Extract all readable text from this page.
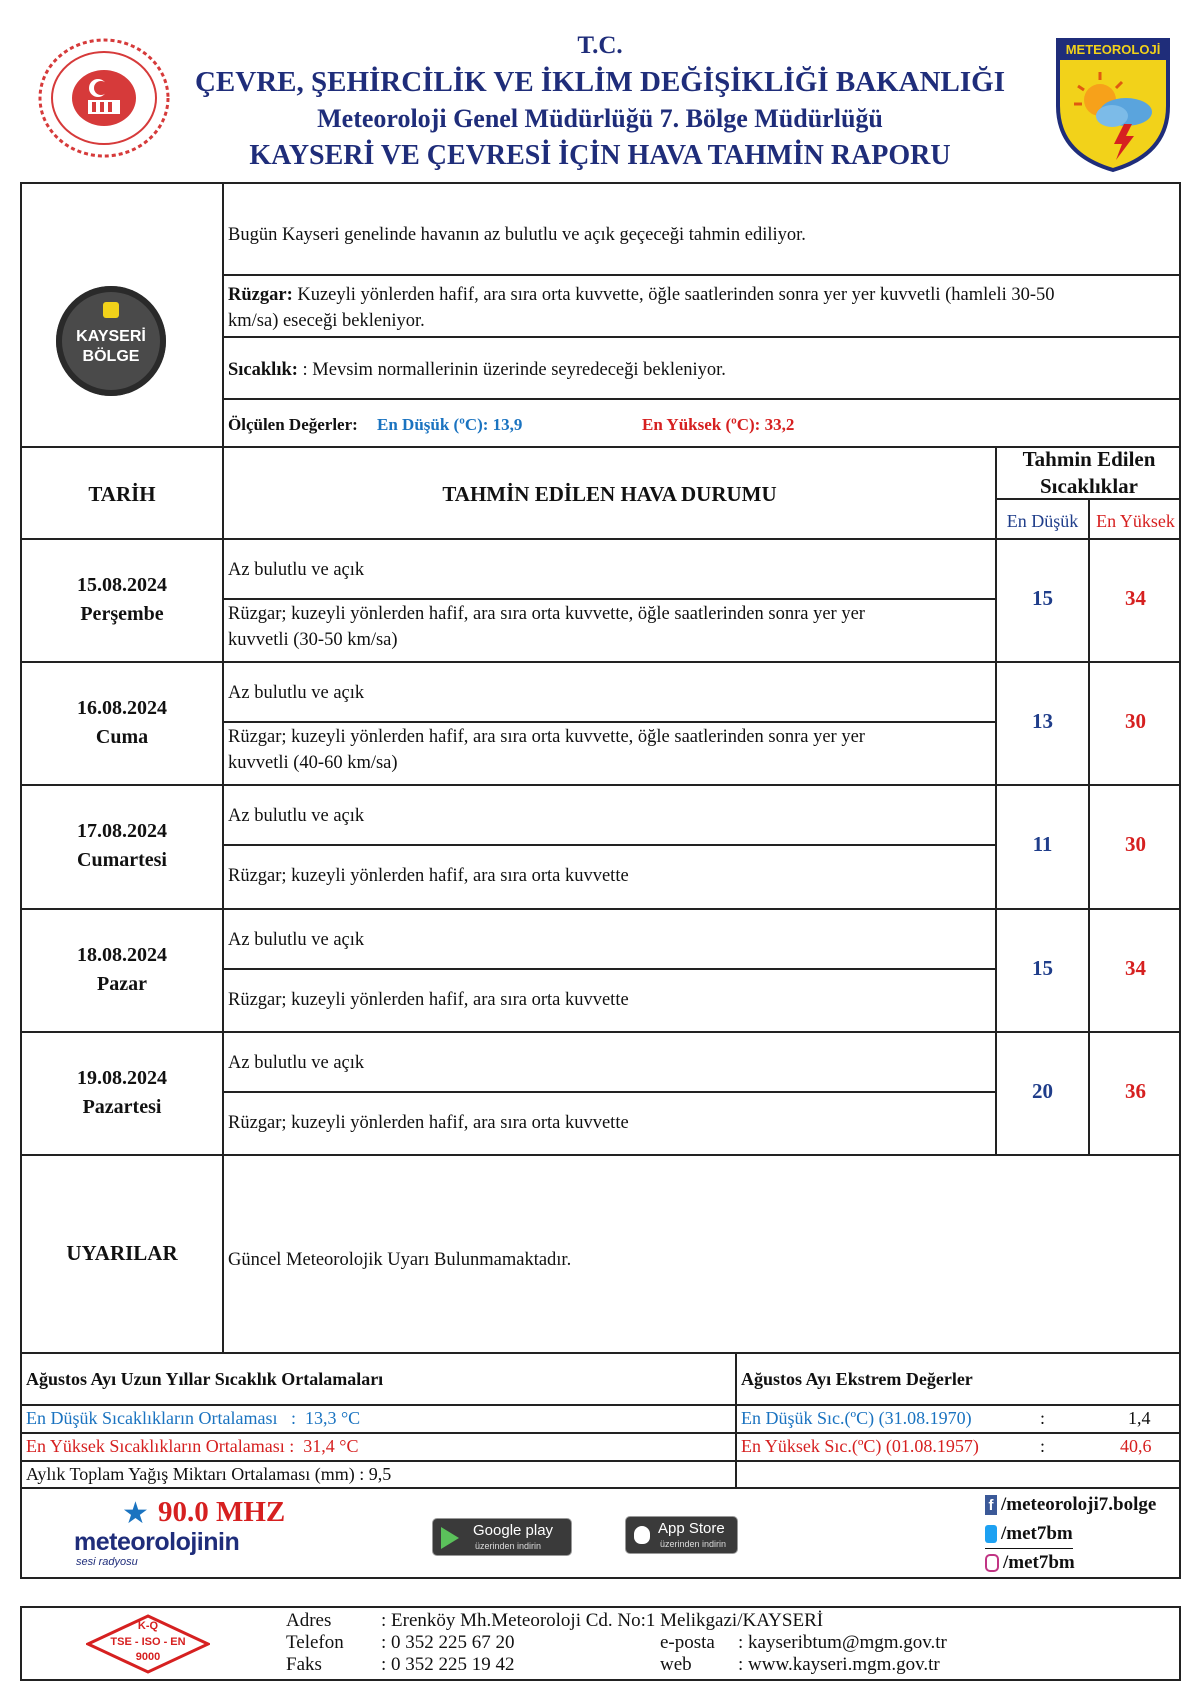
T.C.
ÇEVRE, ŞEHİRCİLİK VE İKLİM DEĞİŞİKLİĞİ BAKANLIĞI
Meteoroloji Genel Müdürlüğü 7. Bölge Müdürlüğü
KAYSERİ VE ÇEVRESİ İÇİN HAVA TAHMİN RAPORU
METEOROLOJİ
KAYSERİ
BÖLGE
Bugün Kayseri genelinde havanın az bulutlu ve açık geçeceği tahmin ediliyor.
Rüzgar: Kuzeyli yönlerden hafif, ara sıra orta kuvvette, öğle saatlerinden sonra yer yer kuvvetli (hamleli 30-50
km/sa) eseceği bekleniyor.
Sıcaklık: : Mevsim normallerinin üzerinde seyredeceği bekleniyor.
Ölçülen Değerler: En Düşük (ºC): 13,9	En Yüksek (ºC): 33,2
TARİH	TAHMİN EDİLEN HAVA DURUMU
Tahmin Edilen
Sıcaklıklar
En Düşük En Yüksek
15.08.2024
Perşembe
Az bulutlu ve açık
Rüzgar; kuzeyli yönlerden hafif, ara sıra orta kuvvette, öğle saatlerinden sonra yer yer
kuvvetli (30-50 km/sa)
15	34
16.08.2024
Cuma
Az bulutlu ve açık
Rüzgar; kuzeyli yönlerden hafif, ara sıra orta kuvvette, öğle saatlerinden sonra yer yer
kuvvetli (40-60 km/sa)
13	30
17.08.2024
Cumartesi
Az bulutlu ve açık
Rüzgar; kuzeyli yönlerden hafif, ara sıra orta kuvvette
11	30
18.08.2024
Pazar
Az bulutlu ve açık
Rüzgar; kuzeyli yönlerden hafif, ara sıra orta kuvvette
15	34
19.08.2024
Pazartesi
Az bulutlu ve açık
Rüzgar; kuzeyli yönlerden hafif, ara sıra orta kuvvette
20	36
UYARILAR	Güncel Meteorolojik Uyarı Bulunmamaktadır.
Ağustos Ayı Uzun Yıllar Sıcaklık Ortalamaları
En Düşük Sıcaklıkların Ortalaması   :  13,3 °C
En Yüksek Sıcaklıkların Ortalaması :  31,4 °C
Aylık Toplam Yağış Miktarı Ortalaması (mm) : 9,5
Ağustos Ayı Ekstrem Değerler
En Düşük Sıc.(ºC) (31.08.1970)	:	1,4
En Yüksek Sıc.(ºC) (01.08.1957)	:	40,6
★ 90.0 MHZ
meteorolojinin
sesi radyosu
Google play
üzerinden indirin
App Store
üzerinden indirin
f /meteoroloji7.bolge
/met7bm
/met7bm
K-Q
TSE - ISO - EN
9000
Adres	: Erenköy Mh.Meteoroloji Cd. No:1 Melikgazi/KAYSERİ
Telefon : 0 352 225 67 20
Faks	: 0 352 225 19 42
e-posta : kayseribtum@mgm.gov.tr
web : www.kayseri.mgm.gov.tr
